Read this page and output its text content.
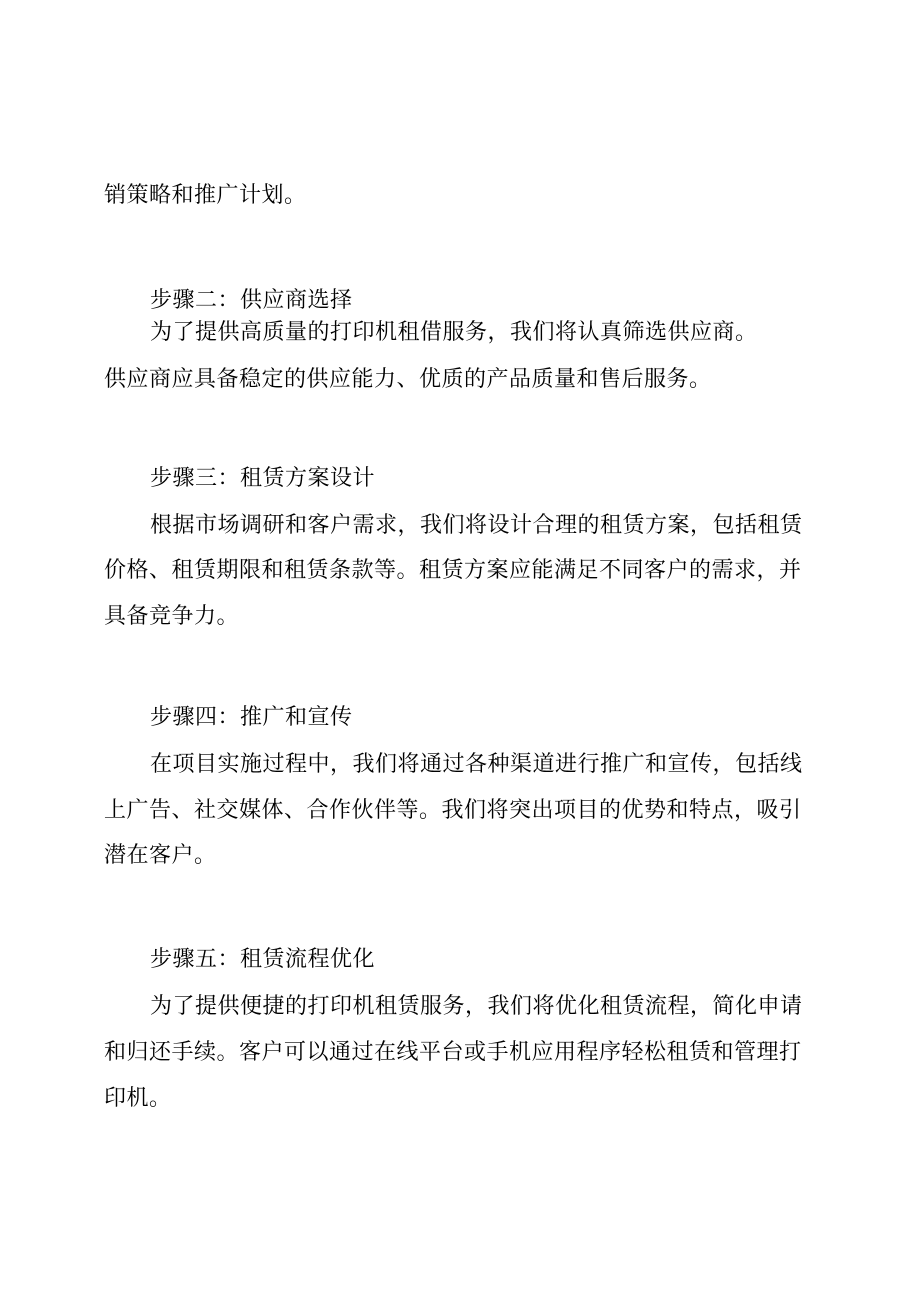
销策略和推广计划。
步骤二：供应商选择
为了提供高质量的打印机租借服务，我们将认真筛选供应商。
供应商应具备稳定的供应能力、优质的产品质量和售后服务。
步骤三：租赁方案设计
根据市场调研和客户需求，我们将设计合理的租赁方案，包括租赁
价格、租赁期限和租赁条款等。租赁方案应能满足不同客户的需求，并
具备竞争力。
步骤四：推广和宣传
在项目实施过程中，我们将通过各种渠道进行推广和宣传，包括线
上广告、社交媒体、合作伙伴等。我们将突出项目的优势和特点，吸引
潜在客户。
步骤五：租赁流程优化
为了提供便捷的打印机租赁服务，我们将优化租赁流程，简化申请
和归还手续。客户可以通过在线平台或手机应用程序轻松租赁和管理打
印机。
